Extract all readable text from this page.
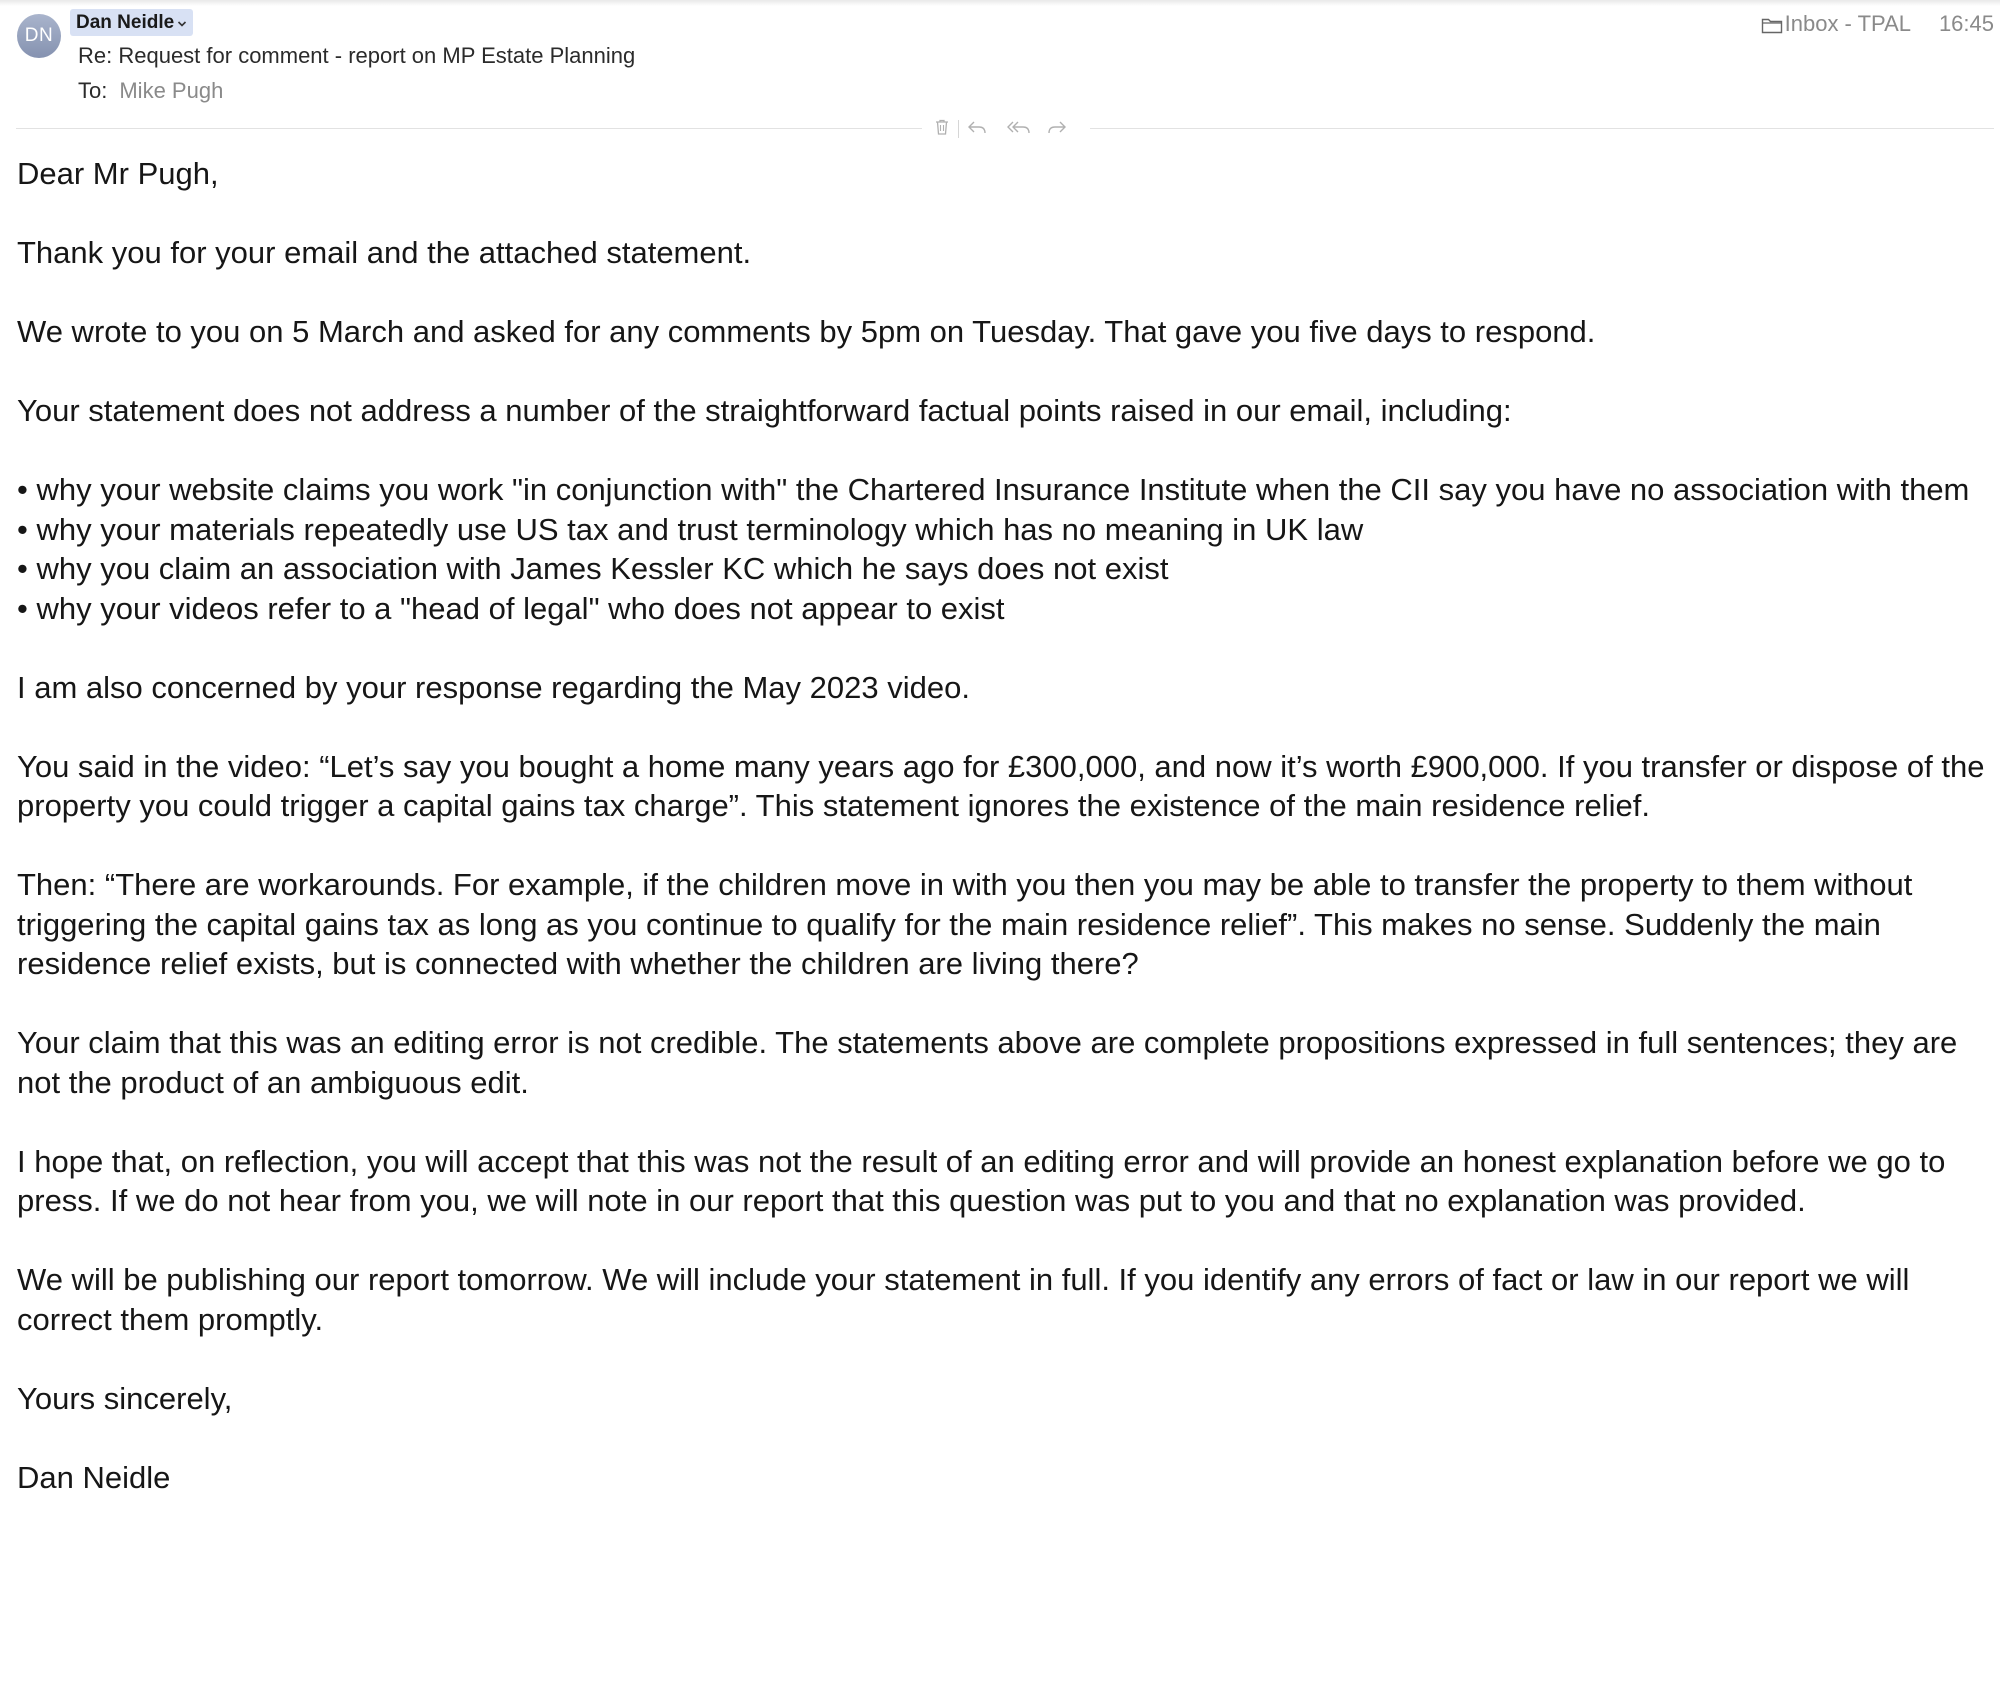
DN
Dan Neidle
Re: Request for comment - report on MP Estate Planning
To: Mike Pugh
Inbox - TPAL 16:45

Dear Mr Pugh,

Thank you for your email and the attached statement.

We wrote to you on 5 March and asked for any comments by 5pm on Tuesday. That gave you five days to respond.

Your statement does not address a number of the straightforward factual points raised in our email, including:

• why your website claims you work "in conjunction with" the Chartered Insurance Institute when the CII say you have no association with them
• why your materials repeatedly use US tax and trust terminology which has no meaning in UK law
• why you claim an association with James Kessler KC which he says does not exist
• why your videos refer to a "head of legal" who does not appear to exist

I am also concerned by your response regarding the May 2023 video.

You said in the video: “Let’s say you bought a home many years ago for £300,000, and now it’s worth £900,000. If you transfer or dispose of the property you could trigger a capital gains tax charge”. This statement ignores the existence of the main residence relief.

Then: “There are workarounds. For example, if the children move in with you then you may be able to transfer the property to them without triggering the capital gains tax as long as you continue to qualify for the main residence relief”. This makes no sense. Suddenly the main residence relief exists, but is connected with whether the children are living there?

Your claim that this was an editing error is not credible. The statements above are complete propositions expressed in full sentences; they are not the product of an ambiguous edit.

I hope that, on reflection, you will accept that this was not the result of an editing error and will provide an honest explanation before we go to press. If we do not hear from you, we will note in our report that this question was put to you and that no explanation was provided.

We will be publishing our report tomorrow. We will include your statement in full. If you identify any errors of fact or law in our report we will correct them promptly.

Yours sincerely,

Dan Neidle
